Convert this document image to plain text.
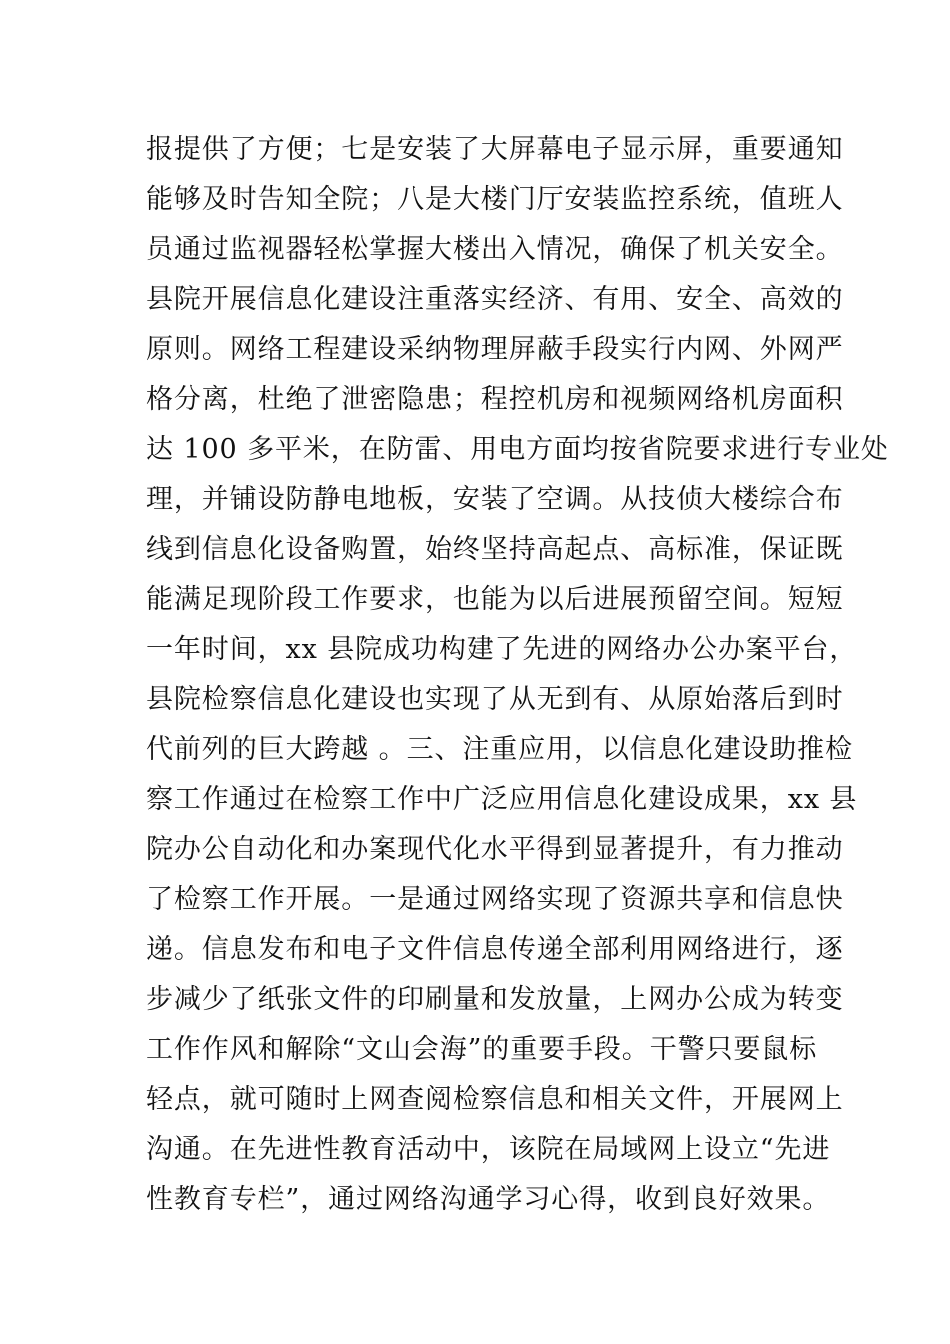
报提供了方便；七是安装了大屏幕电子显示屏，重要通知
能够及时告知全院；八是大楼门厅安装监控系统，值班人
员通过监视器轻松掌握大楼出入情况，确保了机关安全。
县院开展信息化建设注重落实经济、有用、安全、高效的
原则。网络工程建设采纳物理屏蔽手段实行内网、外网严
格分离，杜绝了泄密隐患；程控机房和视频网络机房面积
达 100 多平米，在防雷、用电方面均按省院要求进行专业处
理，并铺设防静电地板，安装了空调。从技侦大楼综合布
线到信息化设备购置，始终坚持高起点、高标准，保证既
能满足现阶段工作要求，也能为以后进展预留空间。短短
一年时间，xx 县院成功构建了先进的网络办公办案平台，
县院检察信息化建设也实现了从无到有、从原始落后到时
代前列的巨大跨越 。三、注重应用，以信息化建设助推检
察工作通过在检察工作中广泛应用信息化建设成果，xx 县
院办公自动化和办案现代化水平得到显著提升，有力推动
了检察工作开展。一是通过网络实现了资源共享和信息快
递。信息发布和电子文件信息传递全部利用网络进行，逐
步减少了纸张文件的印刷量和发放量，上网办公成为转变
工作作风和解除“文山会海”的重要手段。干警只要鼠标
轻点，就可随时上网查阅检察信息和相关文件，开展网上
沟通。在先进性教育活动中，该院在局域网上设立“先进
性教育专栏”，通过网络沟通学习心得，收到良好效果。
